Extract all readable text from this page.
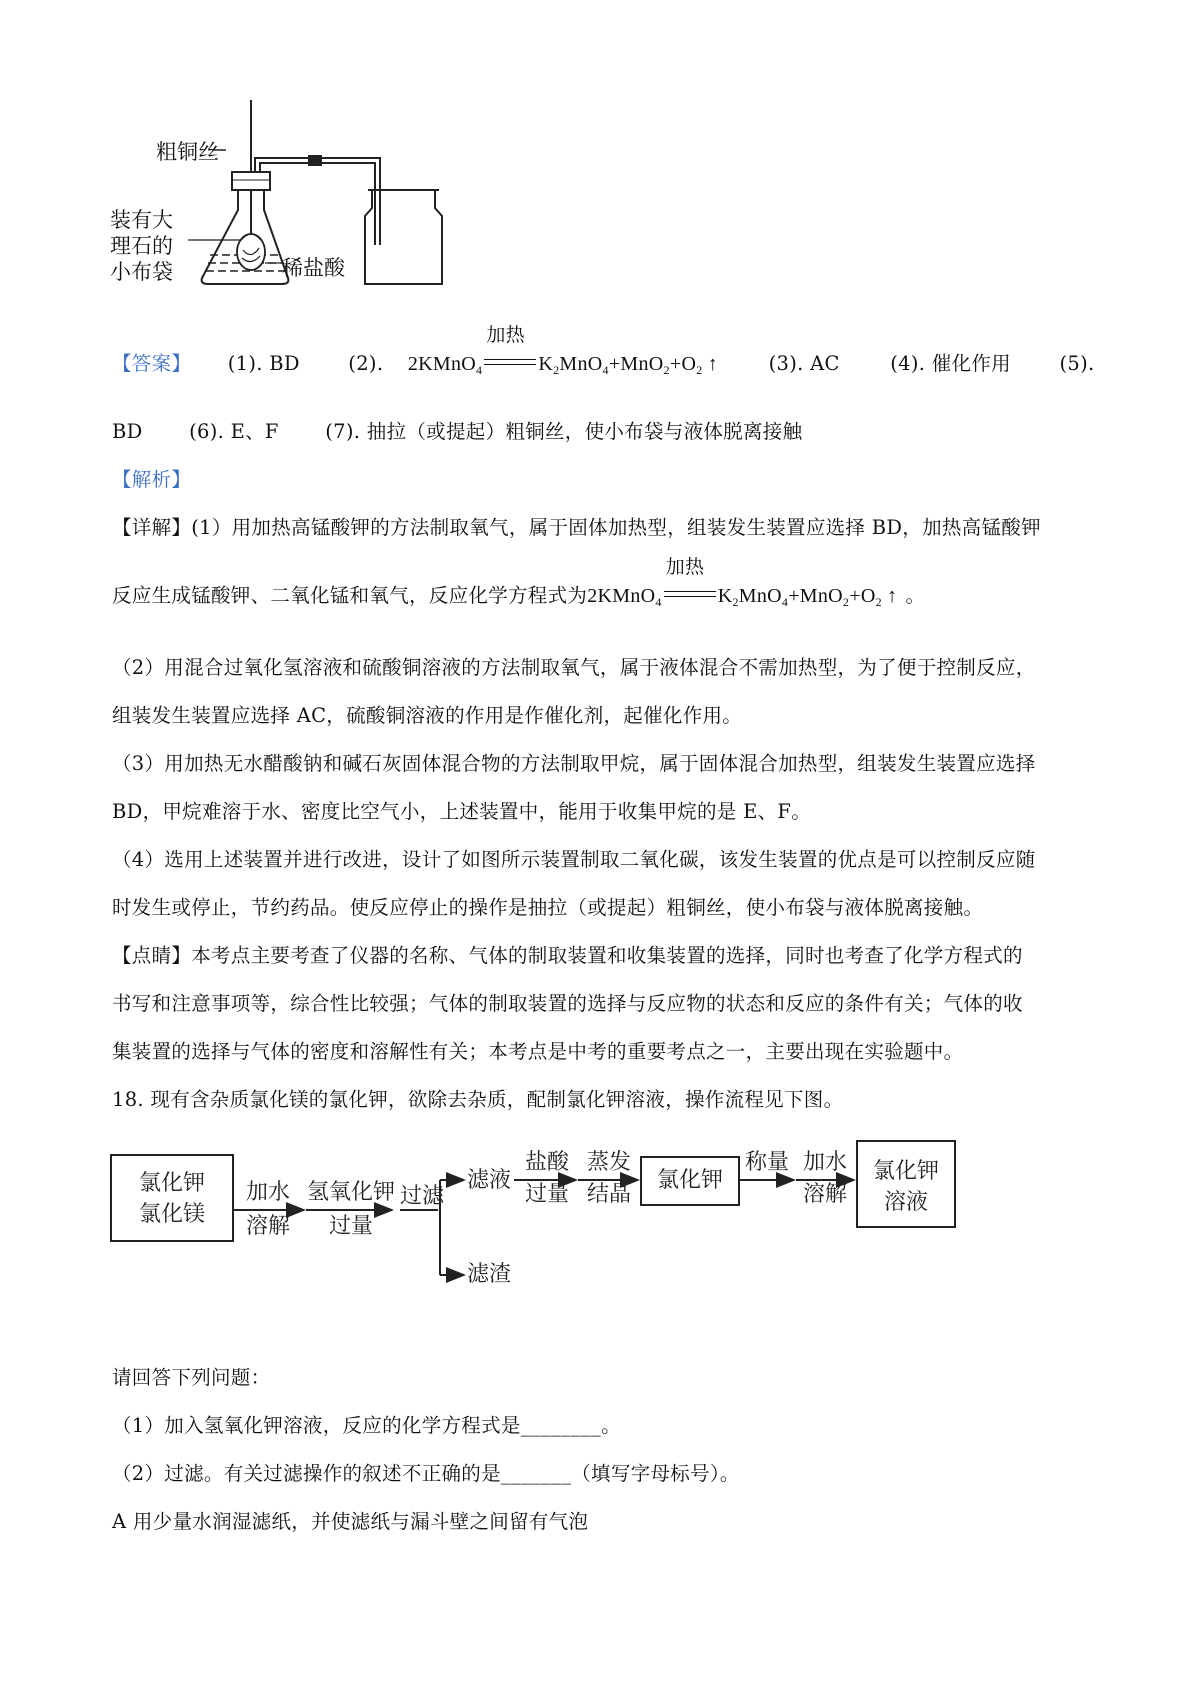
粗铜丝
装有大
理石的
小布袋	稀盐酸
【答案】 (1). BD (2). 2KMnO$_4$
加热
$K_2MnO_4+MnO_2+O_2$ ↑	(3). AC	(4). 催化作用 (5).
BD (6). E、F (7). 抽拉（或提起）粗铜丝，使小布袋与液体脱离接触
【解析】
【详解】(1）用加热高锰酸钾的方法制取氧气，属于固体加热型，组装发生装置应选择 BD，加热高锰酸钾
反应生成锰酸钾、二氧化锰和氧气，反应化学方程式为2KMnO$_4$
加热
$K_2MnO_4+MnO_2+O_2$ ↑ 。
（2）用混合过氧化氢溶液和硫酸铜溶液的方法制取氧气，属于液体混合不需加热型，为了便于控制反应，
组装发生装置应选择 AC，硫酸铜溶液的作用是作催化剂，起催化作用。
（3）用加热无水醋酸钠和碱石灰固体混合物的方法制取甲烷，属于固体混合加热型，组装发生装置应选择
BD，甲烷难溶于水、密度比空气小，上述装置中，能用于收集甲烷的是 E、F。
（4）选用上述装置并进行改进，设计了如图所示装置制取二氧化碳，该发生装置的优点是可以控制反应随
时发生或停止，节约药品。使反应停止的操作是抽拉（或提起）粗铜丝，使小布袋与液体脱离接触。
【点睛】本考点主要考查了仪器的名称、气体的制取装置和收集装置的选择，同时也考查了化学方程式的
书写和注意事项等，综合性比较强；气体的制取装置的选择与反应物的状态和反应的条件有关；气体的收
集装置的选择与气体的密度和溶解性有关；本考点是中考的重要考点之一，主要出现在实验题中。
18. 现有含杂质氯化镁的氯化钾，欲除去杂质，配制氯化钾溶液，操作流程见下图。
氯化钾
氯化镁
加水
溶解
氢氧化钾
过量
过滤
滤液
滤渣
盐酸
过量
蒸发
结晶
氯化钾
称量 加水
溶解
氯化钾
溶液
请回答下列问题：
（1）加入氢氧化钾溶液，反应的化学方程式是________。
（2）过滤。有关过滤操作的叙述不正确的是_______（填写字母标号）。
A 用少量水润湿滤纸，并使滤纸与漏斗壁之间留有气泡
